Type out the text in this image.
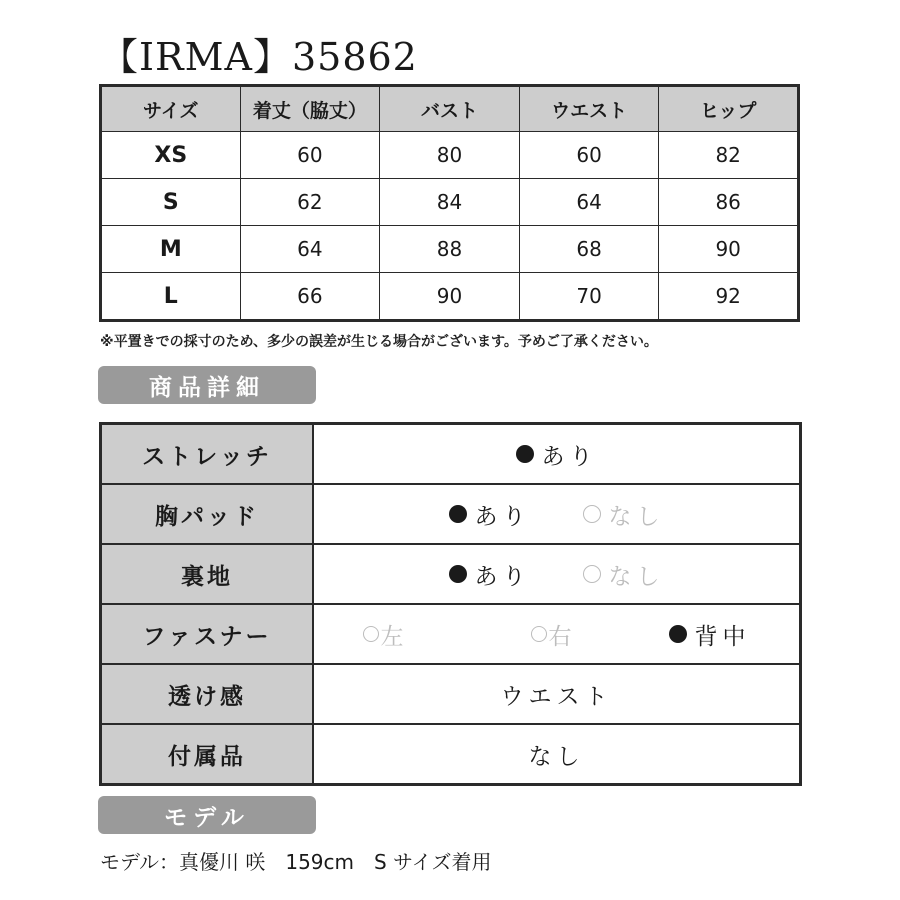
【IRMA】35862
サイズ	着丈（脇丈）	バスト	ウエスト	ヒップ
XS	60	80	60	82
S	62	84	64	86
M	64	88	68	90
L	66	90	70	92
※平置きでの採寸のため、多少の誤差が生じる場合がございます。予めご了承ください。
商品詳細
ストレッチ	あり

胸パッド	あり なし

裏地	あり なし

ファスナー	左 右 背中

透け感	ウエスト

付属品	なし
モデル
モデル：真優川 咲　159cm　S サイズ着用
